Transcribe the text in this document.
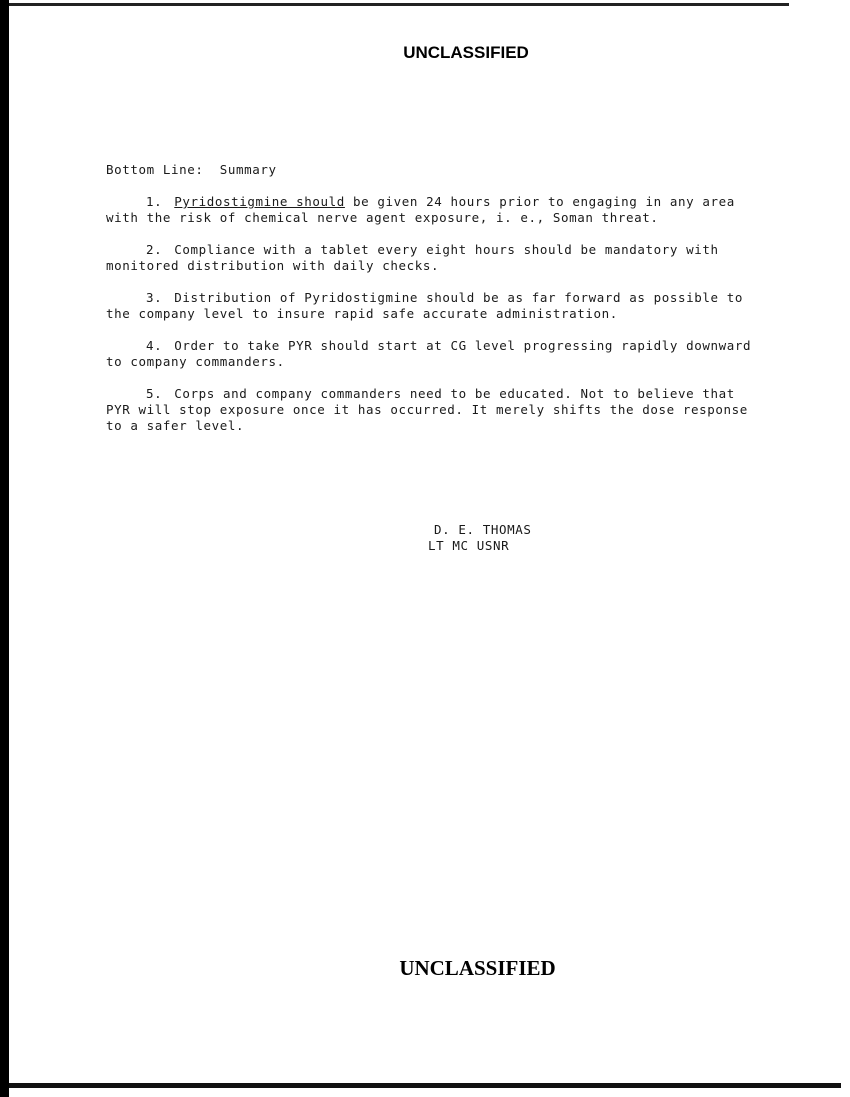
UNCLASSIFIED
Bottom Line:  Summary

1. Pyridostigmine should be given 24 hours prior to engaging in any area with the risk of chemical nerve agent exposure, i. e., Soman threat.

2. Compliance with a tablet every eight hours should be mandatory with monitored distribution with daily checks.

3. Distribution of Pyridostigmine should be as far forward as possible to the company level to insure rapid safe accurate administration.

4. Order to take PYR should start at CG level progressing rapidly downward to company commanders.

5. Corps and company commanders need to be educated. Not to believe that PYR will stop exposure once it has occurred. It merely shifts the dose response to a safer level.

D. E. THOMAS
LT MC USNR
UNCLASSIFIED
